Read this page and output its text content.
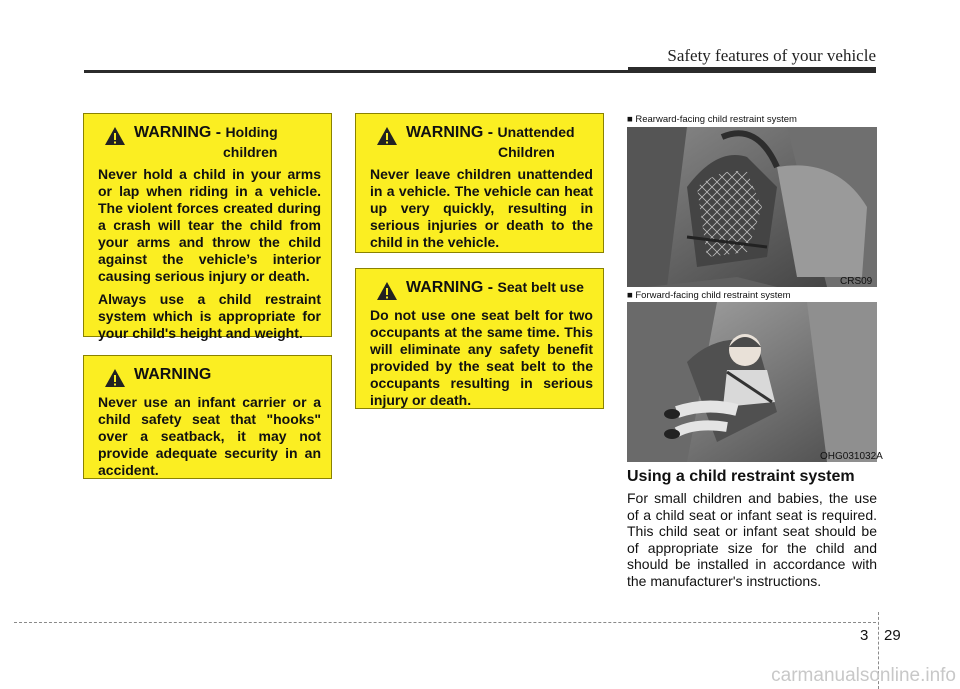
Safety features of your vehicle
WARNING - Holding
children

Never hold a child in your arms or lap when riding in a vehicle. The violent forces created during a crash will tear the child from your arms and throw the child against the vehicle’s interior causing serious injury or death.

Always use a child restraint system which is appropriate for your child's height and weight.

WARNING

Never use an infant carrier or a child safety seat that "hooks" over a seatback, it may not provide adequate security in an accident.

WARNING - Unattended
Children

Never leave children unattended in a vehicle. The vehicle can heat up very quickly, resulting in serious injuries or death to the child in the vehicle.

WARNING - Seat belt use

Do not use one seat belt for two occupants at the same time. This will eliminate any safety benefit provided by the seat belt to the occupants resulting in serious injury or death.

■ Rearward-facing child restraint system
CRS09
■ Forward-facing child restraint system
OHG031032A
Using a child restraint system

For small children and babies, the use of a child seat or infant seat is required. This child seat or infant seat should be of appropriate size for the child and should be installed in accordance with the manufacturer's instructions.

3 29
carmanualsonline.info
